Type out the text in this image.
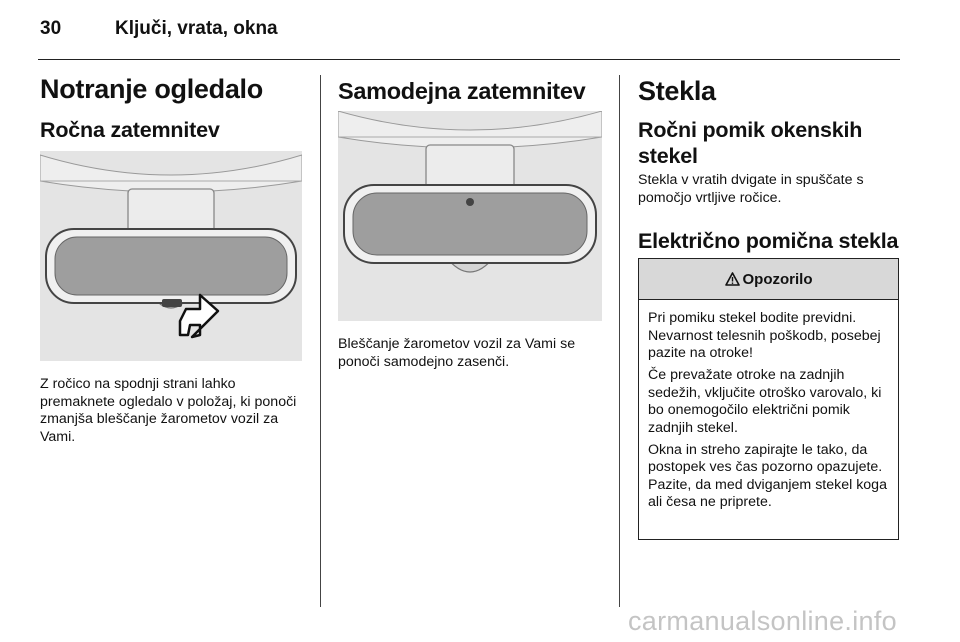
30	Ključi, vrata, okna
Notranje ogledalo
Ročna zatemnitev
Z ročico na spodnji strani lahko premaknete ogledalo v položaj, ki ponoči zmanjša bleščanje žarometov vozil za Vami.
Samodejna zatemnitev
Bleščanje žarometov vozil za Vami se ponoči samodejno zasenči.
Stekla
Ročni pomik okenskih stekel
Stekla v vratih dvigate in spuščate s pomočjo vrtljive ročice.
Električno pomična stekla
Opozorilo

Pri pomiku stekel bodite previdni. Nevarnost telesnih poškodb, posebej pazite na otroke!

Če prevažate otroke na zadnjih sedežih, vključite otroško varovalo, ki bo onemogočilo električni pomik zadnjih stekel.

Okna in streho zapirajte le tako, da postopek ves čas pozorno opazujete. Pazite, da med dviganjem stekel koga ali česa ne priprete.

carmanualsonline.info
